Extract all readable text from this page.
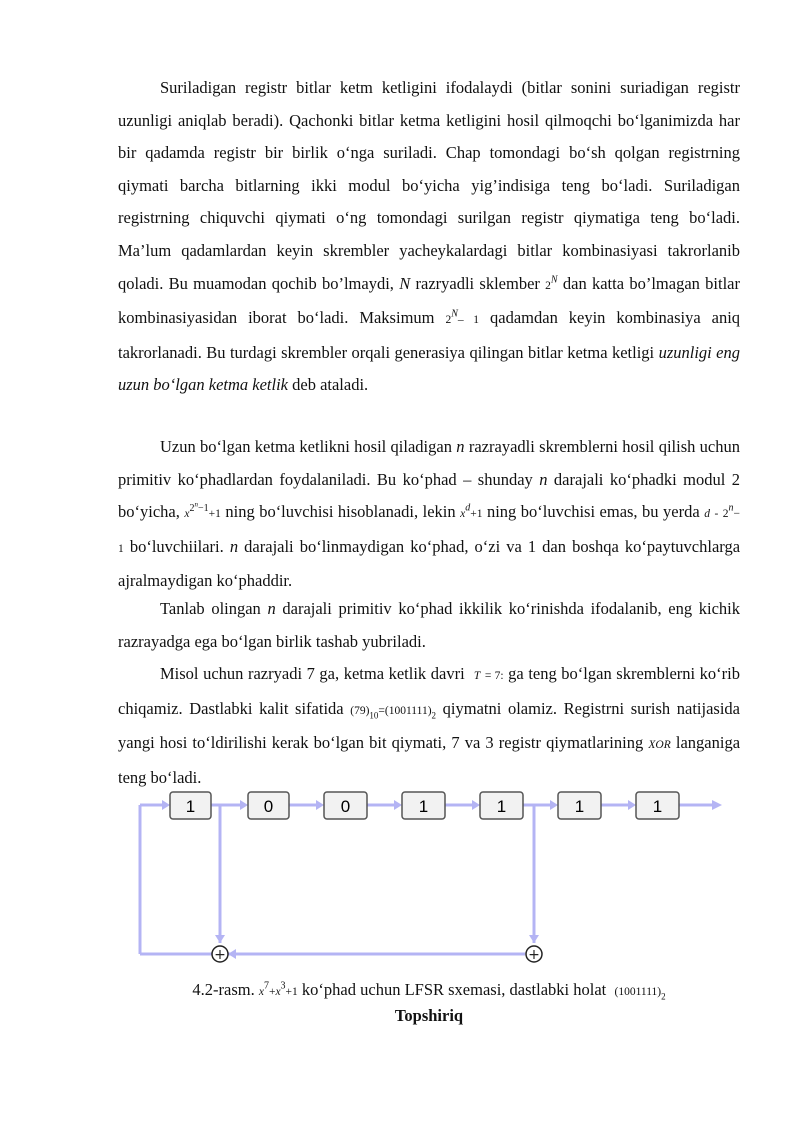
Suriladigan registr bitlar ketm ketligini ifodalaydi (bitlar sonini suriadigan registr uzunligi aniqlab beradi). Qachonki bitlar ketma ketligini hosil qilmoqchi bo‘lganimizda har bir qadamda registr bir birlik o‘nga suriladi. Chap tomondagi bo‘sh qolgan registrning qiymati barcha bitlarning ikki modul bo‘yicha yig’indisiga teng bo‘ladi. Suriladigan registrning chiquvchi qiymati o‘ng tomondagi surilgan registr qiymatiga teng bo‘ladi. Ma’lum qadamlardan keyin skrembler yacheykalardagi bitlar kombinasiyasi takrorlanib qoladi. Bu muamodan qochib bo’lmaydi, N razryadli sklember $2^N$ dan katta bo’lmagan bitlar kombinasiyasidan iborat bo‘ladi. Maksimum $2^N-$ 1 qadamdan keyin kombinasiya aniq takrorlanadi. Bu turdagi skrembler orqali generasiya qilingan bitlar ketma ketligi uzunligi eng uzun bo‘lgan ketma ketlik deb ataladi.

Uzun bo‘lgan ketma ketlikni hosil qiladigan n razrayadli skremblerni hosil qilish uchun primitiv ko‘phadlardan foydalaniladi. Bu ko‘phad – shunday n darajali ko‘phadki modul 2 bo‘yicha, $x^{2^n-1}+1$ ning bo‘luvchisi hisoblanadi, lekin $x^d+1$ ning bo‘luvchisi emas, bu yerda $d - 2^n- 1$ bo‘luvchiilari. n darajali bo‘linmaydigan ko‘phad, o‘zi va 1 dan boshqa ko‘paytuvchlarga ajralmaydigan ko‘phaddir.

Tanlab olingan n darajali primitiv ko‘phad ikkilik ko‘rinishda ifodalanib, eng kichik razrayadga ega bo‘lgan birlik tashab yubriladi.

Misol uchun razryadi 7 ga, ketma ketlik davri T = 7: ga teng bo‘lgan skremblerni ko‘rib chiqamiz. Dastlabki kalit sifatida $(79)_{10}=(1001111)_2$ qiymatni olamiz. Registrni surish natijasida yangi hosi to‘ldirilishi kerak bo‘lgan bit qiymati, 7 va 3 registr qiymatlarining XOR langaniga teng bo‘ladi.

1	0	0	1	1	1	1
+	+
4.2-rasm. $x^7+x^3+1$ ko‘phad uchun LFSR sxemasi, dastlabki holat $(1001111)_2$
Topshiriq
